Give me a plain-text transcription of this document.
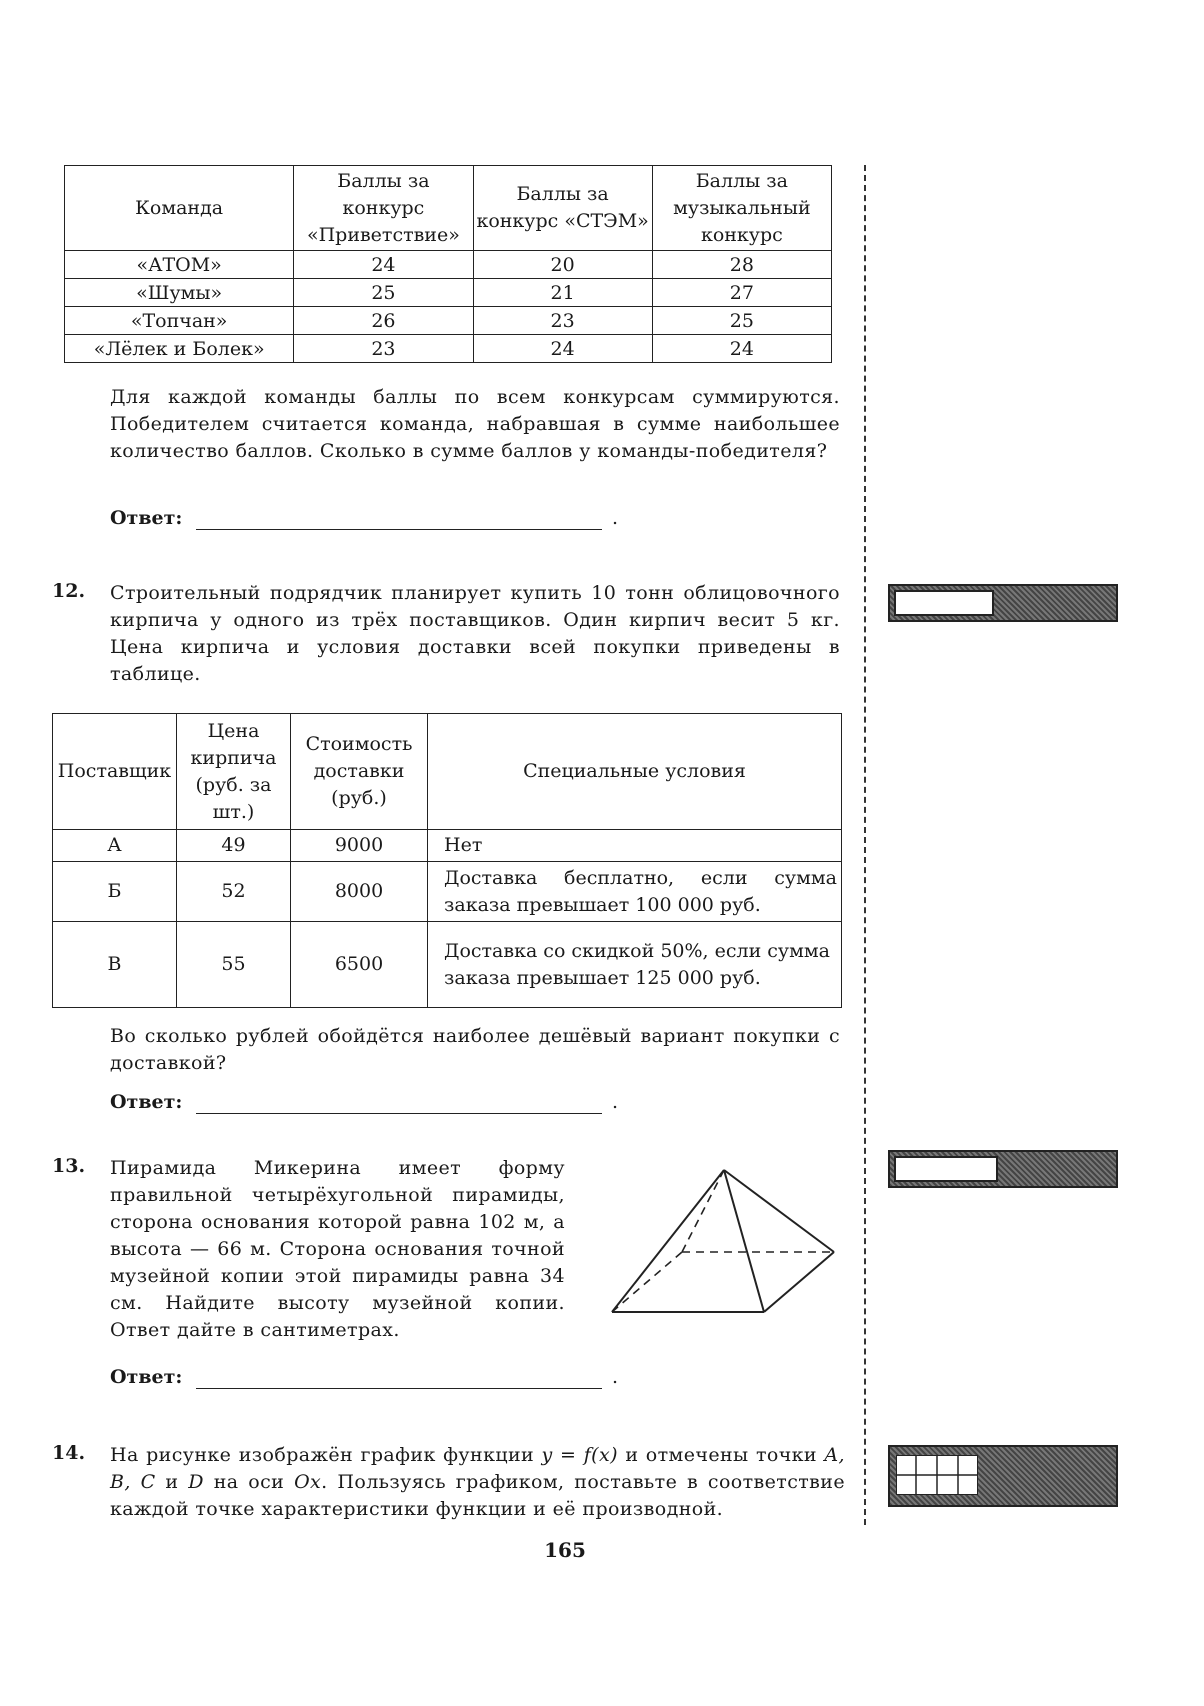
Команда	Баллы за конкурс «Приветствие»	Баллы за конкурс «СТЭМ»	Баллы за музыкальный конкурс
«АТОМ»	24	20	28
«Шумы»	25	21	27
«Топчан»	26	23	25
«Лёлек и Болек»	23	24	24
Для каждой команды баллы по всем конкурсам суммируются. Победителем считается команда, набравшая в сумме наибольшее количество баллов. Сколько в сумме баллов у команды-победителя?
Ответ:	.
12. Строительный подрядчик планирует купить 10 тонн облицовочного кирпича у одного из трёх поставщиков. Один кирпич весит 5 кг. Цена кирпича и условия доставки всей покупки приведены в таблице.
Поставщик	Цена кирпича (руб. за шт.)	Стоимость доставки (руб.)	Специальные условия
А	49	9000	Нет
Б	52	8000	Доставка бесплатно, если сумма заказа превышает 100 000 руб.
В	55	6500	Доставка со скидкой 50%, если сумма заказа превышает 125 000 руб.
Во сколько рублей обойдётся наиболее дешёвый вариант покупки с доставкой?
Ответ:	.
13. Пирамида Микерина имеет форму правильной четырёхугольной пирамиды, сторона основания которой равна 102 м, а высота — 66 м. Сторона основания точной музейной копии этой пирамиды равна 34 см. Найдите высоту музейной копии. Ответ дайте в сантиметрах.
Ответ:	.
14. На рисунке изображён график функции y = f(x) и отмечены точки A, B, C и D на оси Ox. Пользуясь графиком, поставьте в соответствие каждой точке характеристики функции и её производной.
165
